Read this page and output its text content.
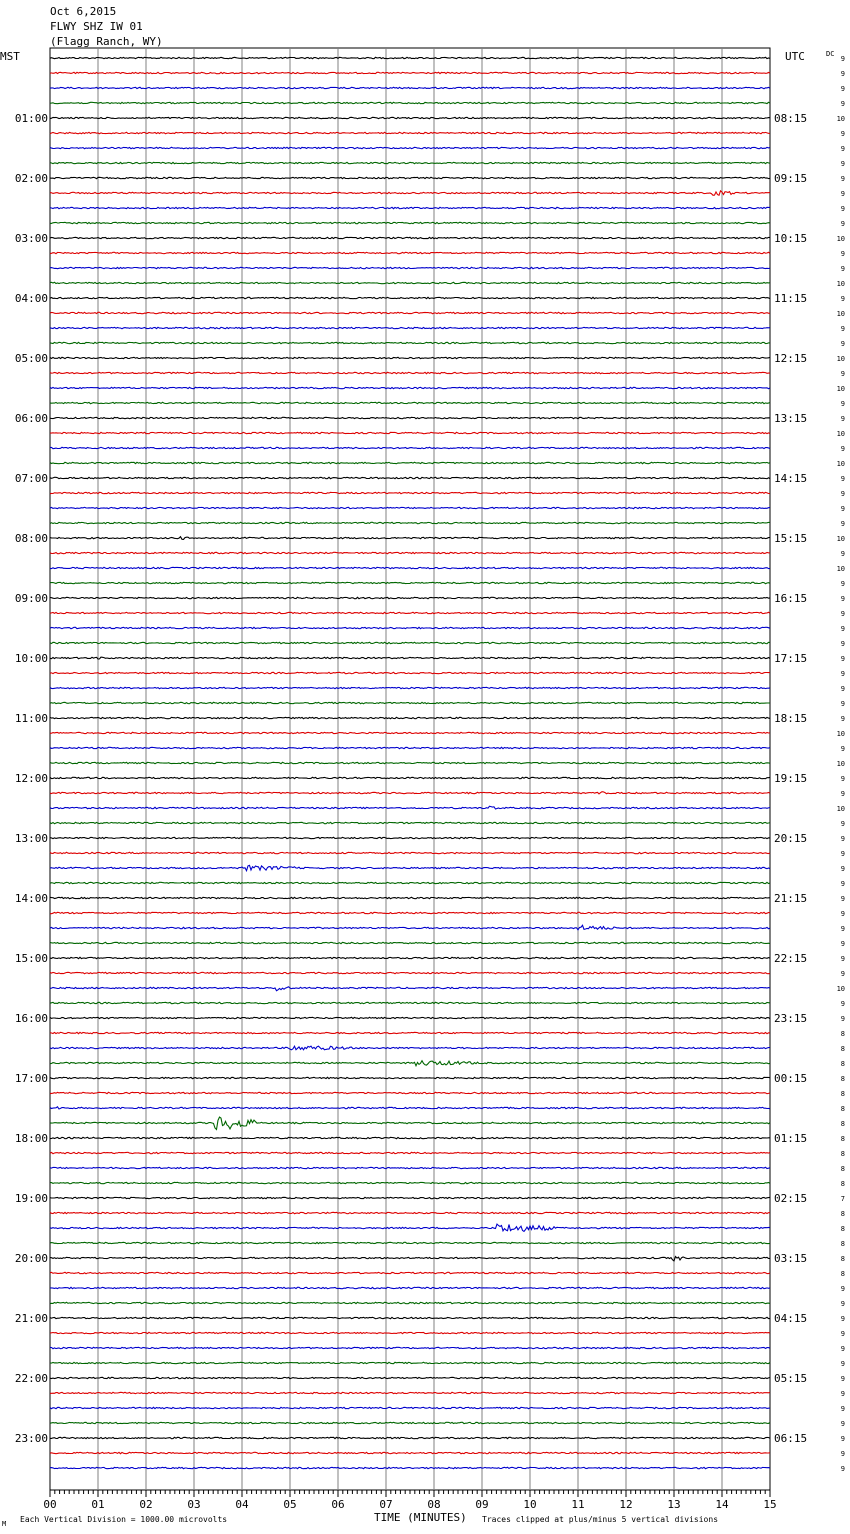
Oct 6,2015
FLWY SHZ IW 01
(Flagg Ranch, WY)
MST	UTC	DC
00	01	02	03	04	05	06	07	08	09	10	11	12	13	14	15
9
9
9
9
10
9
9
9
9
9
9
9
10
9
9
10
9
10
9
9
10
9
10
9
9
10
9
10
9
9
9
9
10
9
10
9
9
9
9
9
9
9
9
9
9
10
9
10
9
9
10
9
9
9
9
9
9
9
9
9
9
9
10
9
9
8
8
8
8
8
8
8
8
8
8
8
7
8
8
8
8
8
9
9
9
9
9
9
9
9
9
9
9
9
9
01:00
02:00
03:00
04:00
05:00
06:00
07:00
08:00
09:00
10:00
11:00
12:00
13:00
14:00
15:00
16:00
17:00
18:00
19:00
20:00
21:00
22:00
23:00
08:15
09:15
10:15
11:15
12:15
13:15
14:15
15:15
16:15
17:15
18:15
19:15
20:15
21:15
22:15
23:15
00:15
01:15
02:15
03:15
04:15
05:15
06:15
M Each Vertical Division = 1000.00 microvolts	TIME (MINUTES) Traces clipped at plus/minus 5 vertical divisions
